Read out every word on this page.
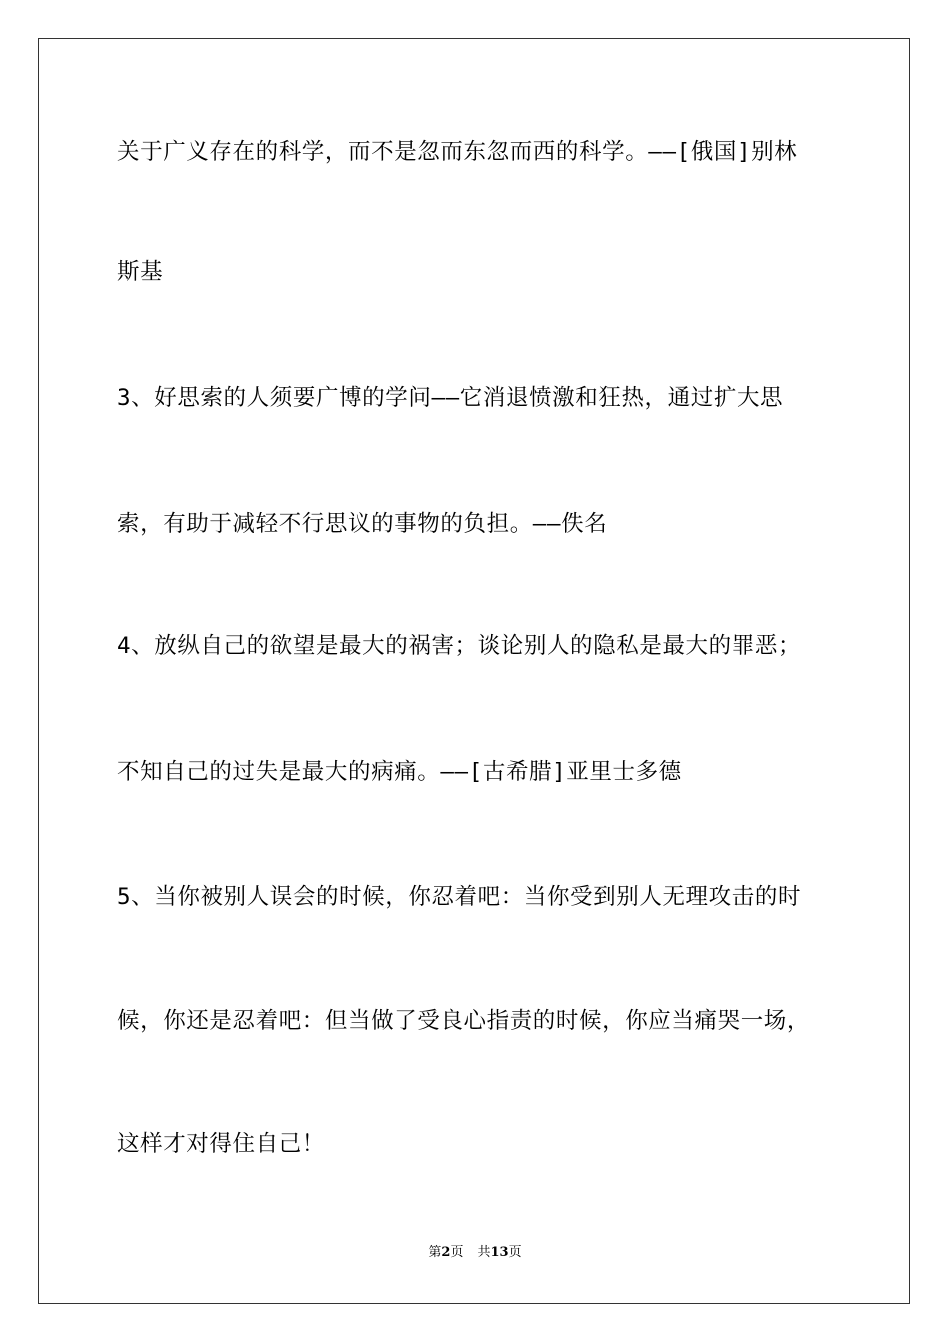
关于广义存在的科学，而不是忽而东忽而西的科学。——[俄国]别林
斯基
3、好思索的人须要广博的学问——它消退愤激和狂热，通过扩大思
索，有助于减轻不行思议的事物的负担。——佚名
4、放纵自己的欲望是最大的祸害；谈论别人的隐私是最大的罪恶；
不知自己的过失是最大的病痛。——[古希腊]亚里士多德
5、当你被别人误会的时候，你忍着吧：当你受到别人无理攻击的时
候，你还是忍着吧：但当做了受良心指责的时候，你应当痛哭一场，
这样才对得住自己！
第2页 共13页
